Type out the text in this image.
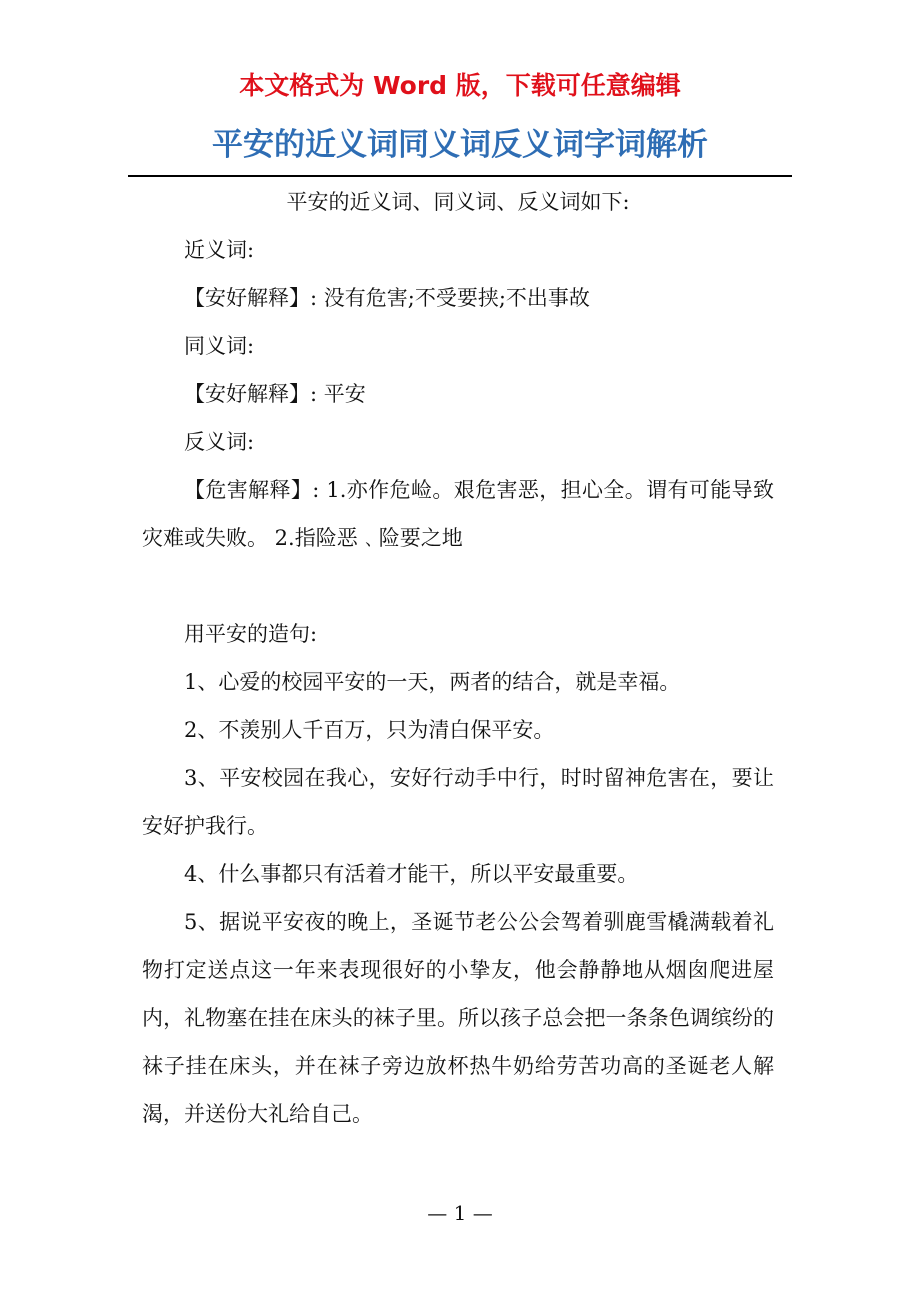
本文格式为 Word 版，下载可任意编辑
平安的近义词同义词反义词字词解析

平安的近义词、同义词、反义词如下:

近义词:

【安好解释】: 没有危害;不受要挟;不出事故

同义词:

【安好解释】: 平安

反义词:

【危害解释】: 1.亦作危崄。艰危害恶，担心全。谓有可能导致灾难或失败。 2.指险恶﹑险要之地

用平安的造句:

1、心爱的校园平安的一天，两者的结合，就是幸福。

2、不羡别人千百万，只为清白保平安。

3、平安校园在我心，安好行动手中行，时时留神危害在，要让安好护我行。

4、什么事都只有活着才能干，所以平安最重要。

5、据说平安夜的晚上，圣诞节老公公会驾着驯鹿雪橇满载着礼物打定送点这一年来表现很好的小挚友，他会静静地从烟囱爬进屋内，礼物塞在挂在床头的袜子里。所以孩子总会把一条条色调缤纷的袜子挂在床头，并在袜子旁边放杯热牛奶给劳苦功高的圣诞老人解渴，并送份大礼给自己。

— 1 —
